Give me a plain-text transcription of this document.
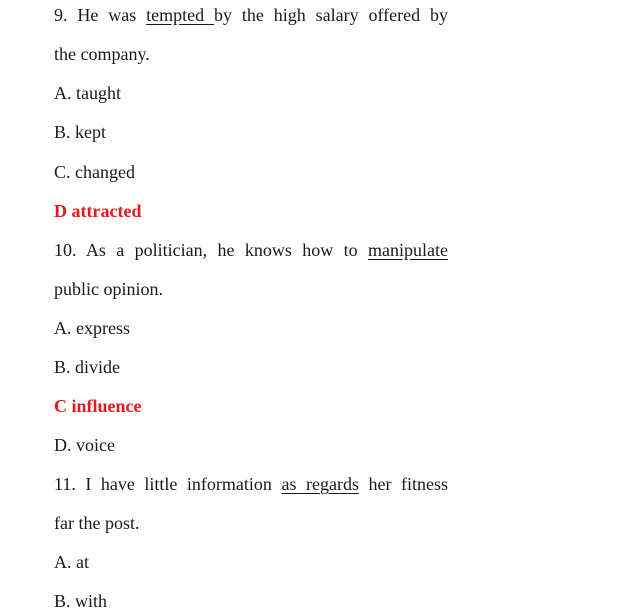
9. He was tempted by the high salary offered by
the company.
A. taught
B. kept
C. changed
D attracted
10. As a politician, he knows how to manipulate
public opinion.
A. express
B. divide
C influence
D. voice
11. I have little information as regards her fitness
far the post.
A. at
B. with
